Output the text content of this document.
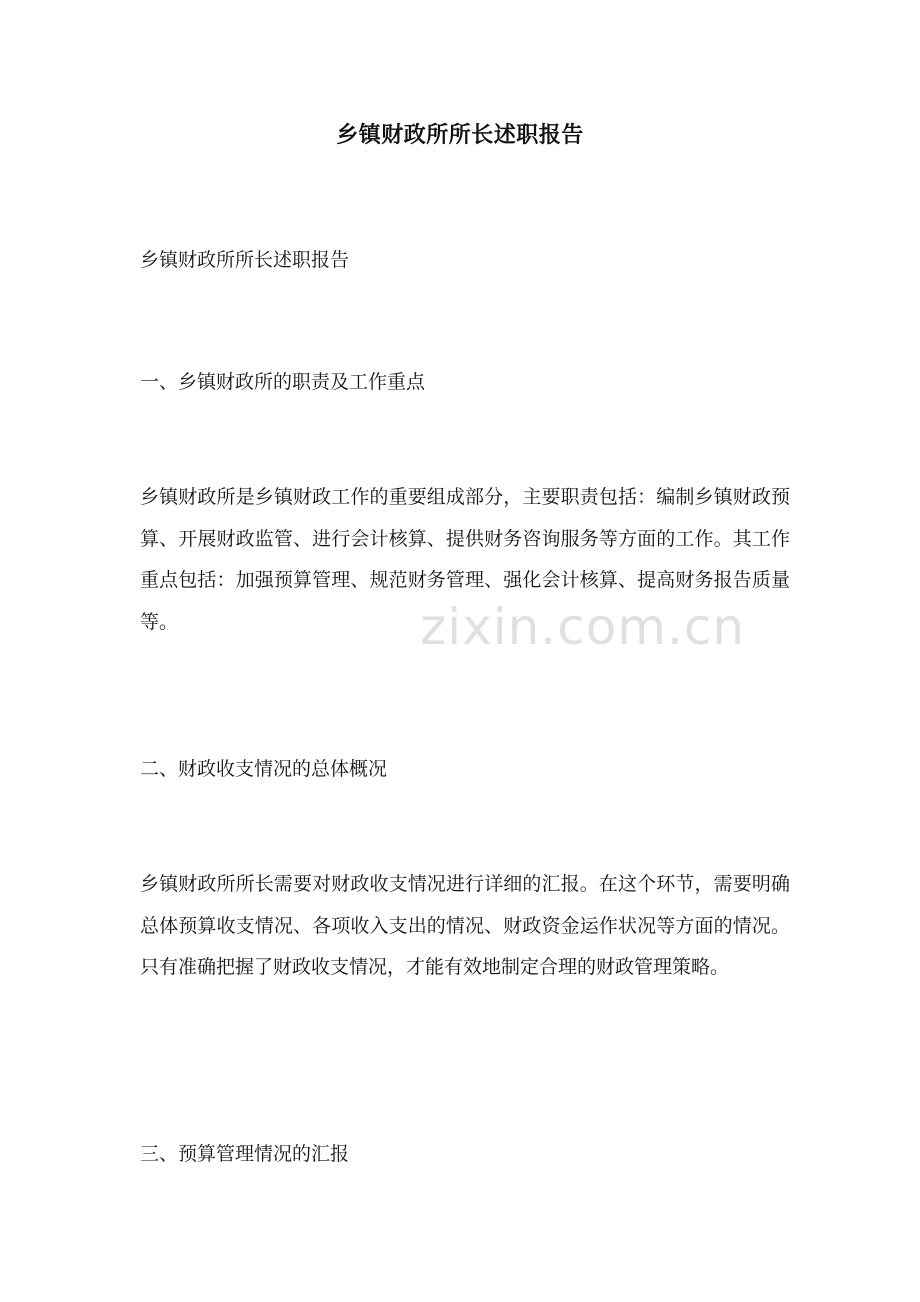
乡镇财政所所长述职报告
乡镇财政所所长述职报告
一、乡镇财政所的职责及工作重点
乡镇财政所是乡镇财政工作的重要组成部分，主要职责包括：编制乡镇财政预算、开展财政监管、进行会计核算、提供财务咨询服务等方面的工作。其工作重点包括：加强预算管理、规范财务管理、强化会计核算、提高财务报告质量等。
二、财政收支情况的总体概况
乡镇财政所所长需要对财政收支情况进行详细的汇报。在这个环节，需要明确总体预算收支情况、各项收入支出的情况、财政资金运作状况等方面的情况。只有准确把握了财政收支情况，才能有效地制定合理的财政管理策略。
三、预算管理情况的汇报
zixin.com.cn
